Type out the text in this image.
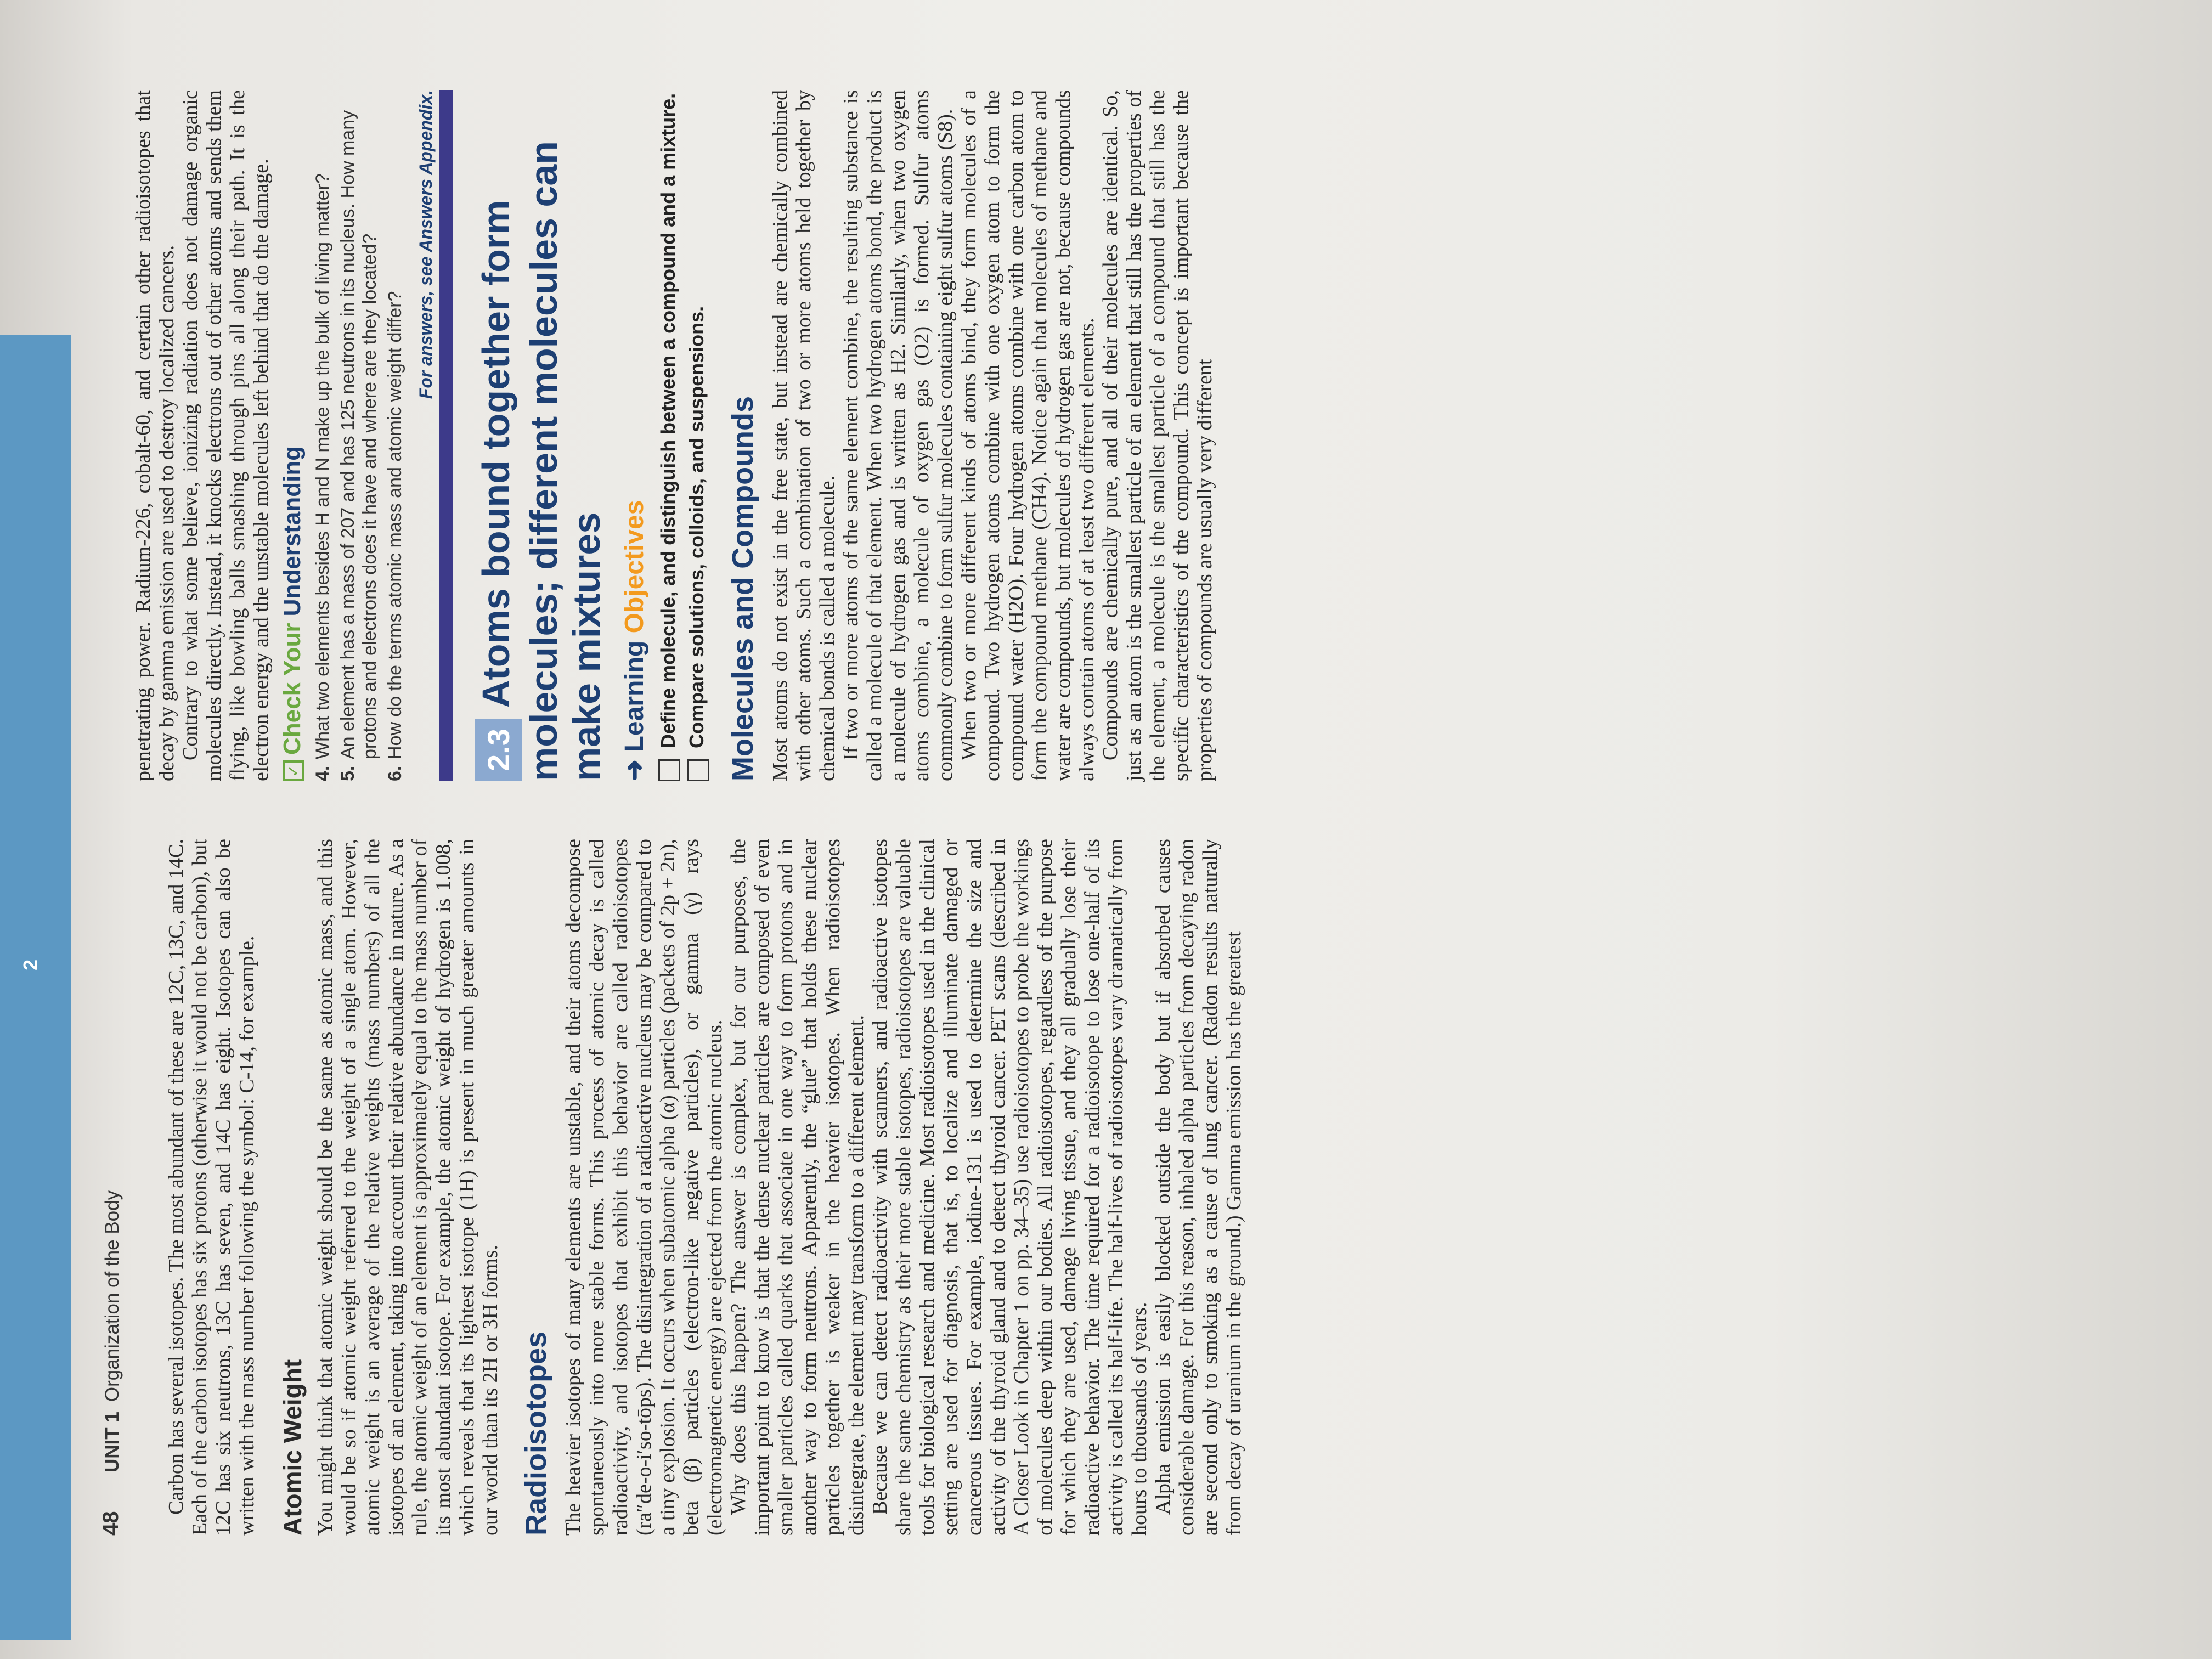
48
UNIT 1Organization of the Body
2	Carbon has several isotopes. The most abundant of these are 12C, 13C, and 14C. Each of the carbon isotopes has six protons (otherwise it would not be carbon), but 12C has six neutrons, 13C has seven, and 14C has eight. Isotopes can also be written with the mass number following the symbol: C-14, for example. Atomic Weight You might think that atomic weight should be the same as atomic mass, and this would be so if atomic weight referred to the weight of a single atom. However, atomic weight is an average of the relative weights (mass numbers) of all the isotopes of an element, taking into account their relative abundance in nature. As a rule, the atomic weight of an element is approximately equal to the mass number of its most abundant isotope. For example, the atomic weight of hydrogen is 1.008, which reveals that its lightest isotope (1H) is present in much greater amounts in our world than its 2H or 3H forms. Radioisotopes The heavier isotopes of many elements are unstable, and their atoms decompose spontaneously into more stable forms. This process of atomic decay is called radioactivity, and isotopes that exhibit this behavior are called radioisotopes (ra″de-o-i′so-tōps). The disintegration of a radioactive nucleus may be compared to a tiny explosion. It occurs when subatomic alpha (α) particles (packets of 2p + 2n), beta (β) particles (electron-like negative particles), or gamma (γ) rays (electromagnetic energy) are ejected from the atomic nucleus. Why does this happen? The answer is complex, but for our purposes, the important point to know is that the dense nuclear particles are composed of even smaller particles called quarks that associate in one way to form protons and in another way to form neutrons. Apparently, the “glue” that holds these nuclear particles together is weaker in the heavier isotopes. When radioisotopes disintegrate, the element may transform to a different element. Because we can detect radioactivity with scanners, and radioactive isotopes share the same chemistry as their more stable isotopes, radioisotopes are valuable tools for biological research and medicine. Most radioisotopes used in the clinical setting are used for diagnosis, that is, to localize and illuminate damaged or cancerous tissues. For example, iodine-131 is used to determine the size and activity of the thyroid gland and to detect thyroid cancer. PET scans (described in A Closer Look in Chapter 1 on pp. 34–35) use radioisotopes to probe the workings of molecules deep within our bodies. All radioisotopes, regardless of the purpose for which they are used, damage living tissue, and they all gradually lose their radioactive behavior. The time required for a radioisotope to lose one-half of its activity is called its half-life. The half-lives of radioisotopes vary dramatically from hours to thousands of years. Alpha emission is easily blocked outside the body but if absorbed causes considerable damage. For this reason, inhaled alpha particles from decaying radon are second only to smoking as a cause of lung cancer. (Radon results naturally from decay of uranium in the ground.) Gamma emission has the greatest

penetrating power. Radium-226, cobalt-60, and certain other radioisotopes that decay by gamma emission are used to destroy localized cancers. Contrary to what some believe, ionizing radiation does not damage organic molecules directly. Instead, it knocks electrons out of other atoms and sends them flying, like bowling balls smashing through pins all along their path. It is the electron energy and the unstable molecules left behind that do the damage. ✓Check Your Understanding

4.What two elements besides H and N make up the bulk of living matter?

5.An element has a mass of 207 and has 125 neutrons in its nucleus. How many protons and electrons does it have and where are they located?

6.How do the terms atomic mass and atomic weight differ?

For answers, see Answers Appendix.
2.3Atoms bound together form molecules; different molecules can make mixtures ➜ Learning Objectives Define molecule, and distinguish between a compound and a mixture. Compare solutions, colloids, and suspensions. Molecules and Compounds Most atoms do not exist in the free state, but instead are chemically combined with other atoms. Such a combination of two or more atoms held together by chemical bonds is called a molecule. If two or more atoms of the same element combine, the resulting substance is called a molecule of that element. When two hydrogen atoms bond, the product is a molecule of hydrogen gas and is written as H2. Similarly, when two oxygen atoms combine, a molecule of oxygen gas (O2) is formed. Sulfur atoms commonly combine to form sulfur molecules containing eight sulfur atoms (S8). When two or more different kinds of atoms bind, they form molecules of a compound. Two hydrogen atoms combine with one oxygen atom to form the compound water (H2O). Four hydrogen atoms combine with one carbon atom to form the compound methane (CH4). Notice again that molecules of methane and water are compounds, but molecules of hydrogen gas are not, because compounds always contain atoms of at least two different elements. Compounds are chemically pure, and all of their molecules are identical. So, just as an atom is the smallest particle of an element that still has the properties of the element, a molecule is the smallest particle of a compound that still has the specific characteristics of the compound. This concept is important because the properties of compounds are usually very different
